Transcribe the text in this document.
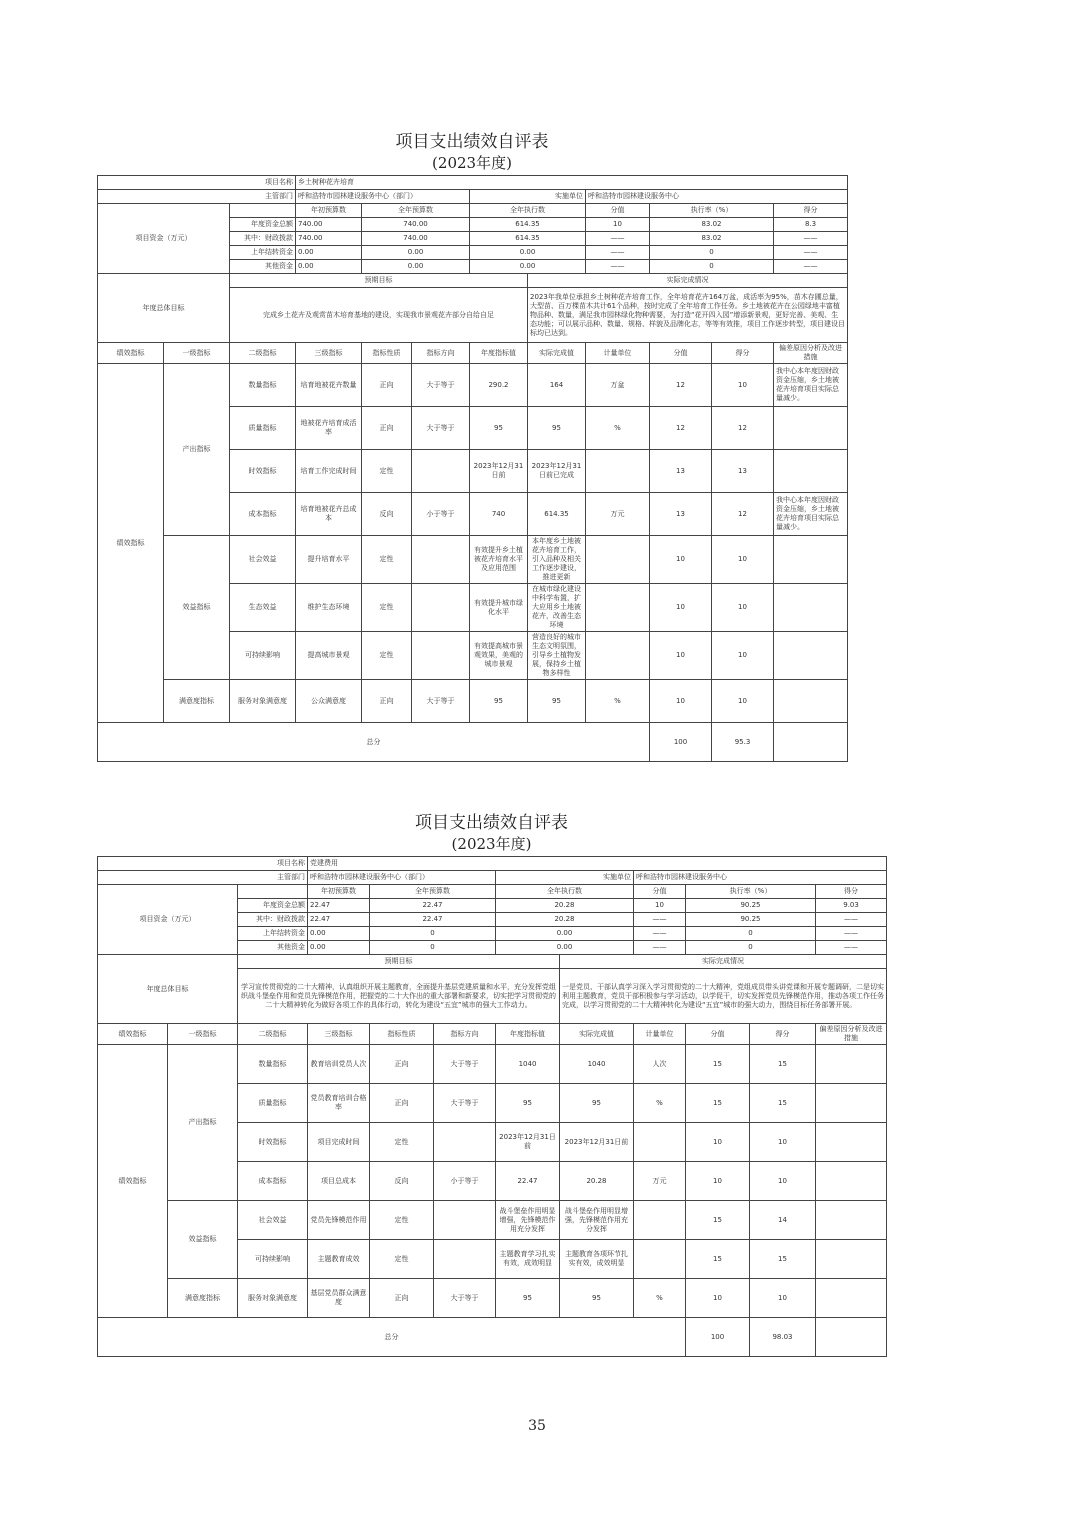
项目支出绩效自评表
(2023年度)
项目名称			乡土树种花卉培育								
主管部门			呼和浩特市园林建设服务中心（部门）			实施单位		呼和浩特市园林建设服务中心			
项目资金（万元）			年初预算数	全年预算数		全年执行数		分值	执行率（%）		得分
		年度资金总额	740.00	740.00		614.35		10	83.02		8.3
		其中：财政拨款	740.00	740.00		614.35		——	83.02		——
		上年结转资金	0.00	0.00		0.00		——	0		——
		其他资金	0.00	0.00		0.00		——	0		——
年度总体目标		预期目标					实际完成情况				
		完成乡土花卉及观赏苗木培育基地的建设，实现我市景观花卉部分自给自足					2023年我单位承担乡土树种花卉培育工作，全年培育花卉164万盆，成活率为95%，苗木存圃总量，大型苗、百万棵苗木共计61个品种，按时完成了全年培育工作任务。乡土地被花卉在公园绿地丰富植物品种、数量，满足我市园林绿化物种需要，为打造“花开四入园”增添新景观，更好完善、美观、生态功能；可以展示品种、数量、规格、样貌及品牌化志，等等有效推，项目工作逐步转型，项目建设目标均已达到。				
绩效指标	一级指标	二级指标	三级指标	指标性质	指标方向	年度指标值	实际完成值	计量单位	分值	得分	偏差原因分析及改进措施
绩效指标	产出指标	数量指标	培育地被花卉数量	正向	大于等于	290.2	164	万盆	12	10	我中心本年度因财政资金压缩，乡土地被花卉培育项目实际总量减少。
		质量指标	地被花卉培育成活率	正向	大于等于	95	95	%	12	12	
		时效指标	培育工作完成时间	定性		2023年12月31日前	2023年12月31日前已完成		13	13	
		成本指标	培育地被花卉总成本	反向	小于等于	740	614.35	万元	13	12	我中心本年度因财政资金压缩，乡土地被花卉培育项目实际总量减少。
	效益指标	社会效益	提升培育水平	定性		有效提升乡土植被花卉培育水平及应用范围	本年度乡土地被花卉培育工作，引入品种及相关工作逐步建设，推进更新		10	10	
		生态效益	维护生态环境	定性		有效提升城市绿化水平	在城市绿化建设中科学布置，扩大应用乡土地被花卉，改善生态环境		10	10	
		可持续影响	提高城市景观	定性		有效提高城市景观效果，美观的城市景观	营造良好的城市生态文明氛围，引导乡土植物发展，保持乡土植物多样性		10	10	
	满意度指标	服务对象满意度	公众满意度	正向	大于等于	95	95	%	10	10	
总分									100	95.3	
项目支出绩效自评表
(2023年度)
项目名称			党建费用								
主管部门			呼和浩特市园林建设服务中心（部门）			实施单位		呼和浩特市园林建设服务中心			
项目资金（万元）			年初预算数	全年预算数		全年执行数		分值	执行率（%）		得分
		年度资金总额	22.47	22.47		20.28		10	90.25		9.03
		其中：财政拨款	22.47	22.47		20.28		——	90.25		——
		上年结转资金	0.00	0		0.00		——	0		——
		其他资金	0.00	0		0.00		——	0		——
年度总体目标		预期目标					实际完成情况				
		学习宣传贯彻党的二十大精神，认真组织开展主题教育，全面提升基层党建质量和水平，充分发挥党组织战斗堡垒作用和党员先锋模范作用，把握党的二十大作出的重大部署和新要求，切实把学习贯彻党的二十大精神转化为做好各项工作的具体行动，转化为建设“五宜”城市的强大工作动力。					一是党员、干部认真学习深入学习贯彻党的二十大精神，党组成员带头讲党课和开展专题调研，二是切实利用主题教育，党员干部积极参与学习活动，以学促干，切实发挥党员先锋模范作用，推动各项工作任务完成，以学习贯彻党的二十大精神转化为建设“五宜”城市的强大动力，围绕目标任务部署开展。				
绩效指标	一级指标	二级指标	三级指标	指标性质	指标方向	年度指标值	实际完成值	计量单位	分值	得分	偏差原因分析及改进措施
绩效指标	产出指标	数量指标	教育培训党员人次	正向	大于等于	1040	1040	人次	15	15	
		质量指标	党员教育培训合格率	正向	大于等于	95	95	%	15	15	
		时效指标	项目完成时间	定性		2023年12月31日前	2023年12月31日前		10	10	
		成本指标	项目总成本	反向	小于等于	22.47	20.28	万元	10	10	
	效益指标	社会效益	党员先锋模范作用	定性		战斗堡垒作用明显增强，先锋模范作用充分发挥	战斗堡垒作用明显增强，先锋模范作用充分发挥		15	14	
		可持续影响	主题教育成效	定性		主题教育学习扎实有效，成效明显	主题教育各项环节扎实有效，成效明显		15	15	
	满意度指标	服务对象满意度	基层党员群众满意度	正向	大于等于	95	95	%	10	10	
总分									100	98.03	
35
